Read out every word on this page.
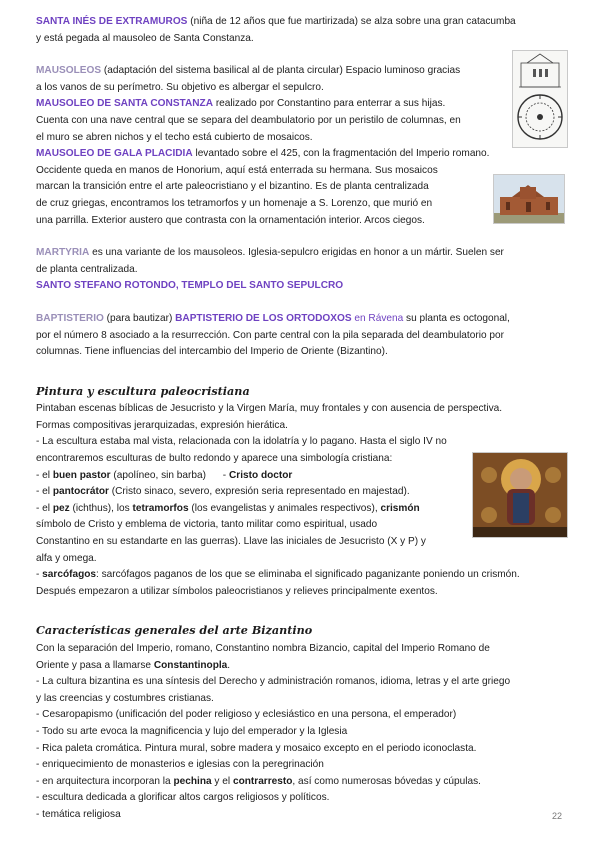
SANTA INÉS DE EXTRAMUROS (niña de 12 años que fue martirizada) se alza sobre una gran catacumba
y está pegada al mausoleo de Santa Constanza.

MAUSOLEOS (adaptación del sistema basilical al de planta circular) Espacio luminoso gracias
a los vanos de su perímetro. Su objetivo es albergar el sepulcro.

MAUSOLEO DE SANTA CONSTANZA realizado por Constantino para enterrar a sus hijas.

Cuenta con una nave central que se separa del deambulatorio por un peristilo de columnas, en
el muro se abren nichos y el techo está cubierto de mosaicos.

MAUSOLEO DE GALA PLACIDIA levantado sobre el 425, con la fragmentación del Imperio romano.

Occidente queda en manos de Honorium, aquí está enterrada su hermana. Sus mosaicos
marcan la transición entre el arte paleocristiano y el bizantino. Es de planta centralizada
de cruz griegas, encontramos los tetramorfos y un homenaje a S. Lorenzo, que murió en
una parrilla. Exterior austero que contrasta con la ornamentación interior. Arcos ciegos.

MARTYRIA es una variante de los mausoleos. Iglesia-sepulcro erigidas en honor a un mártir. Suelen ser
de planta centralizada.

SANTO STEFANO ROTONDO, TEMPLO DEL SANTO SEPULCRO

BAPTISTERIO (para bautizar) BAPTISTERIO DE LOS ORTODOXOS en Rávena su planta es octogonal,
por el número 8 asociado a la resurrección. Con parte central con la pila separada del deambulatorio por
columnas. Tiene influencias del intercambio del Imperio de Oriente (Bizantino).

Pintura y escultura paleocristiana

Pintaban escenas bíblicas de Jesucristo y la Virgen María, muy frontales y con ausencia de perspectiva.
Formas compositivas jerarquizadas, expresión hierática.
- La escultura estaba mal vista, relacionada con la idolatría y lo pagano. Hasta el siglo IV no
encontraremos esculturas de bulto redondo y aparece una simbología cristiana:

- el buen pastor (apolíneo, sin barba)      - Cristo doctor

- el pantocrátor (Cristo sinaco, severo, expresión seria representado en majestad).

- el pez (ichthus), los tetramorfos (los evangelistas y animales respectivos), crismón
símbolo de Cristo y emblema de victoria, tanto militar como espiritual, usado
Constantino en su estandarte en las guerras). Llave las iniciales de Jesucristo (X y P) y
alfa y omega.

- sarcófagos: sarcófagos paganos de los que se eliminaba el significado paganizante poniendo un crismón.
Después empezaron a utilizar símbolos paleocristianos y relieves principalmente exentos.

Características generales del arte Bizantino

Con la separación del Imperio, romano, Constantino nombra Bizancio, capital del Imperio Romano de
Oriente y pasa a llamarse Constantinopla.

- La cultura bizantina es una síntesis del Derecho y administración romanos, idioma, letras y el arte griego

y las creencias y costumbres cristianas.

- Cesaropapismo (unificación del poder religioso y eclesiástico en una persona, el emperador)

- Todo su arte evoca la magnificencia y lujo del emperador y la Iglesia

- Rica paleta cromática. Pintura mural, sobre madera y mosaico excepto en el periodo iconoclasta.

- enriquecimiento de monasterios e iglesias con la peregrinación

- en arquitectura incorporan la pechina y el contrarresto, así como numerosas bóvedas y cúpulas.

- escultura dedicada a glorificar altos cargos religiosos y políticos.

- temática religiosa	22
